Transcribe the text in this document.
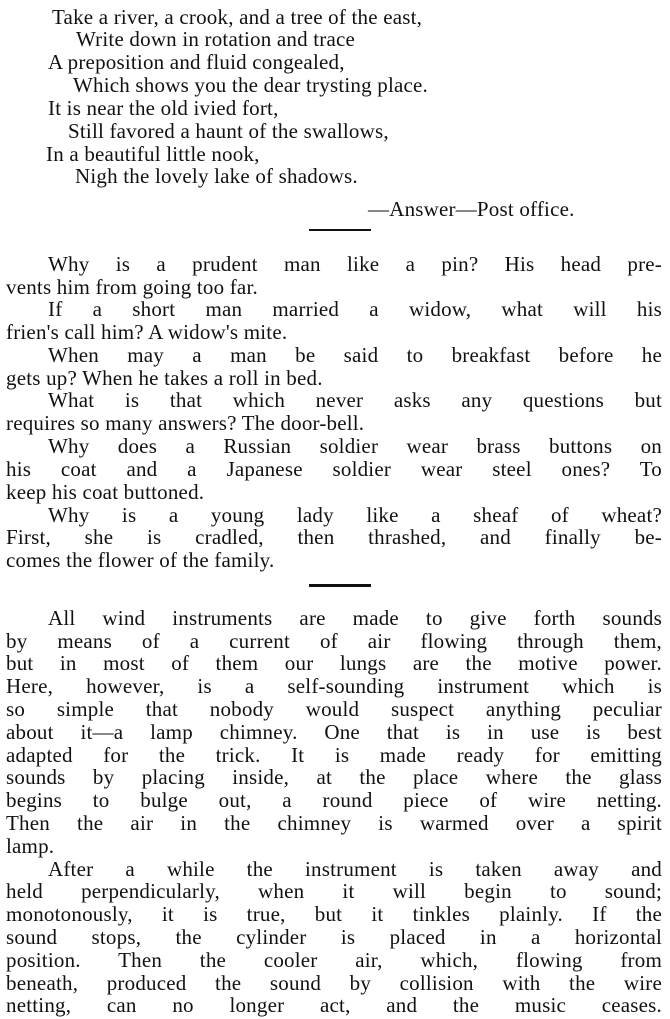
Take a river, a crook, and a tree of the east,
Write down in rotation and trace
A preposition and fluid congealed,
Which shows you the dear trysting place.
It is near the old ivied fort,
Still favored a haunt of the swallows,
In a beautiful little nook,
Nigh the lovely lake of shadows.
—Answer—Post office.
Why is a prudent man like a pin? His head pre-
vents him from going too far.
If a short man married a widow, what will his
frien's call him? A widow's mite.
When may a man be said to breakfast before he
gets up? When he takes a roll in bed.
What is that which never asks any questions but
requires so many answers? The door-bell.
Why does a Russian soldier wear brass buttons on
his coat and a Japanese soldier wear steel ones? To
keep his coat buttoned.
Why is a young lady like a sheaf of wheat?
First, she is cradled, then thrashed, and finally be-
comes the flower of the family.
All wind instruments are made to give forth sounds
by means of a current of air flowing through them,
but in most of them our lungs are the motive power.
Here, however, is a self-sounding instrument which is
so simple that nobody would suspect anything peculiar
about it—a lamp chimney. One that is in use is best
adapted for the trick. It is made ready for emitting
sounds by placing inside, at the place where the glass
begins to bulge out, a round piece of wire netting.
Then the air in the chimney is warmed over a spirit
lamp.
After a while the instrument is taken away and
held perpendicularly, when it will begin to sound;
monotonously, it is true, but it tinkles plainly. If the
sound stops, the cylinder is placed in a horizontal
position. Then the cooler air, which, flowing from
beneath, produced the sound by collision with the wire
netting, can no longer act, and the music ceases.
